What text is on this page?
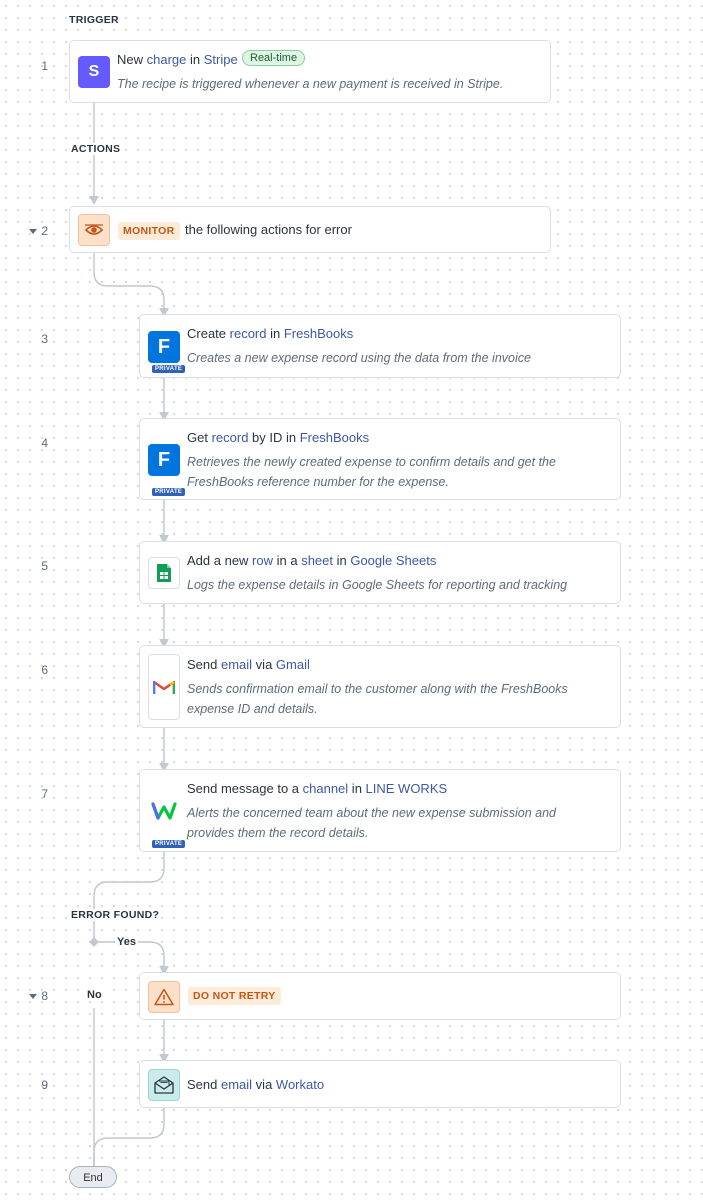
TRIGGER
ACTIONS
ERROR FOUND?
Yes
No
1	S
New charge in Stripe	Real-time
The recipe is triggered whenever a new payment is received in Stripe.
2	MONITOR the following actions for error
3	F
PRIVATE
Create record in FreshBooks
Creates a new expense record using the data from the invoice
4
F
PRIVATE
Get record by ID in FreshBooks
Retrieves the newly created expense to confirm details and get the FreshBooks reference number for the expense.
5	Add a new row in a sheet in Google Sheets
Logs the expense details in Google Sheets for reporting and tracking
6	Send email via Gmail
Sends confirmation email to the customer along with the FreshBooks expense ID and details.
7
PRIVATE
Send message to a channel in LINE WORKS
Alerts the concerned team about the new expense submission and provides them the record details.
8	DO NOT RETRY
9	Send email via Workato
End
